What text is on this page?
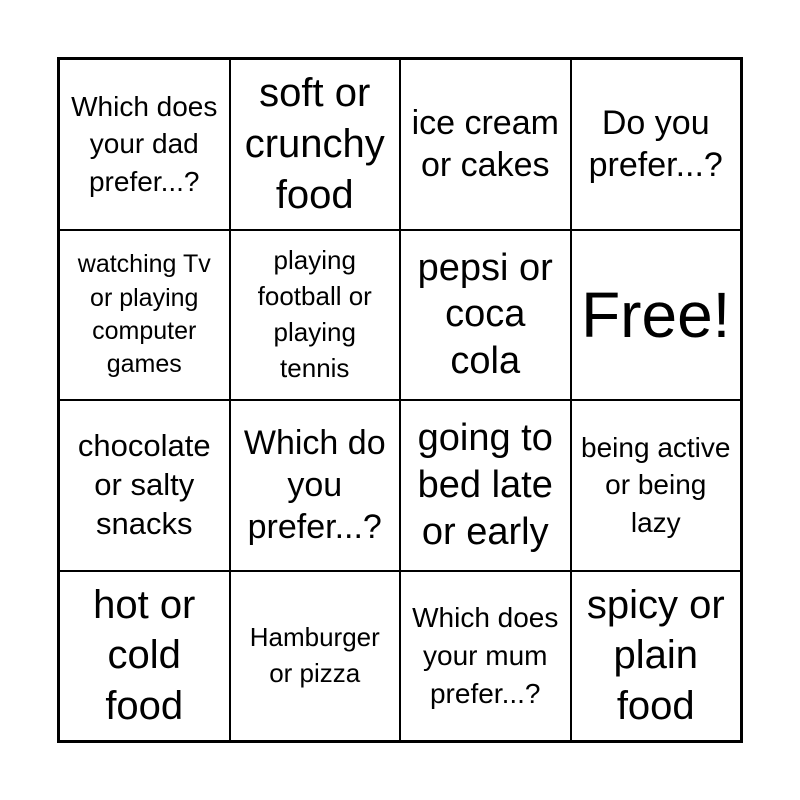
Which does your dad prefer...?
soft or crunchy food
ice cream or cakes
Do you prefer...?
watching Tv or playing computer games
playing football or playing tennis
pepsi or coca cola
Free!
chocolate or salty snacks
Which do you prefer...?
going to bed late or early
being active or being lazy
hot or cold food
Hamburger or pizza
Which does your mum prefer...?
spicy or plain food
